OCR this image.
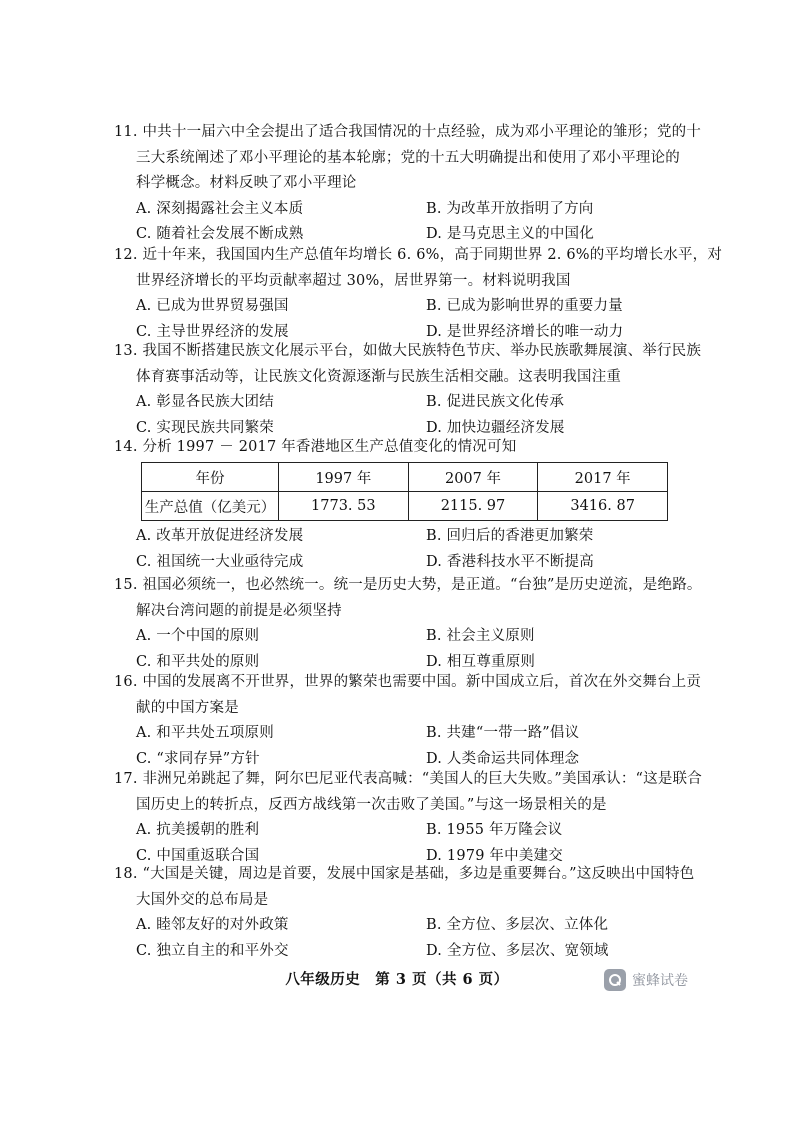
11. 中共十一届六中全会提出了适合我国情况的十点经验，成为邓小平理论的雏形；党的十
三大系统阐述了邓小平理论的基本轮廓；党的十五大明确提出和使用了邓小平理论的
科学概念。材料反映了邓小平理论
A. 深刻揭露社会主义本质	B. 为改革开放指明了方向
C. 随着社会发展不断成熟	D. 是马克思主义的中国化
12. 近十年来，我国国内生产总值年均增长 6. 6%，高于同期世界 2. 6%的平均增长水平，对
世界经济增长的平均贡献率超过 30%，居世界第一。材料说明我国
A. 已成为世界贸易强国	B. 已成为影响世界的重要力量
C. 主导世界经济的发展	D. 是世界经济增长的唯一动力
13. 我国不断搭建民族文化展示平台，如做大民族特色节庆、举办民族歌舞展演、举行民族
体育赛事活动等，让民族文化资源逐渐与民族生活相交融。这表明我国注重
A. 彰显各民族大团结	B. 促进民族文化传承
C. 实现民族共同繁荣	D. 加快边疆经济发展
14. 分析 1997 － 2017 年香港地区生产总值变化的情况可知
年份	1997 年	2007 年	2017 年
生产总值（亿美元）	1773. 53	2115. 97	3416. 87
A. 改革开放促进经济发展	B. 回归后的香港更加繁荣
C. 祖国统一大业亟待完成	D. 香港科技水平不断提高
15. 祖国必须统一，也必然统一。统一是历史大势，是正道。“台独”是历史逆流，是绝路。
解决台湾问题的前提是必须坚持
A. 一个中国的原则	B. 社会主义原则
C. 和平共处的原则	D. 相互尊重原则
16. 中国的发展离不开世界，世界的繁荣也需要中国。新中国成立后，首次在外交舞台上贡
献的中国方案是
A. 和平共处五项原则	B. 共建“一带一路”倡议
C. “求同存异”方针	D. 人类命运共同体理念
17. 非洲兄弟跳起了舞，阿尔巴尼亚代表高喊：“美国人的巨大失败。”美国承认：“这是联合
国历史上的转折点，反西方战线第一次击败了美国。”与这一场景相关的是
A. 抗美援朝的胜利	B. 1955 年万隆会议
C. 中国重返联合国	D. 1979 年中美建交
18. “大国是关键，周边是首要，发展中国家是基础，多边是重要舞台。”这反映出中国特色
大国外交的总布局是
A. 睦邻友好的对外政策	B. 全方位、多层次、立体化
C. 独立自主的和平外交	D. 全方位、多层次、宽领域
八年级历史　第 3 页（共 6 页）	蜜蜂试卷
